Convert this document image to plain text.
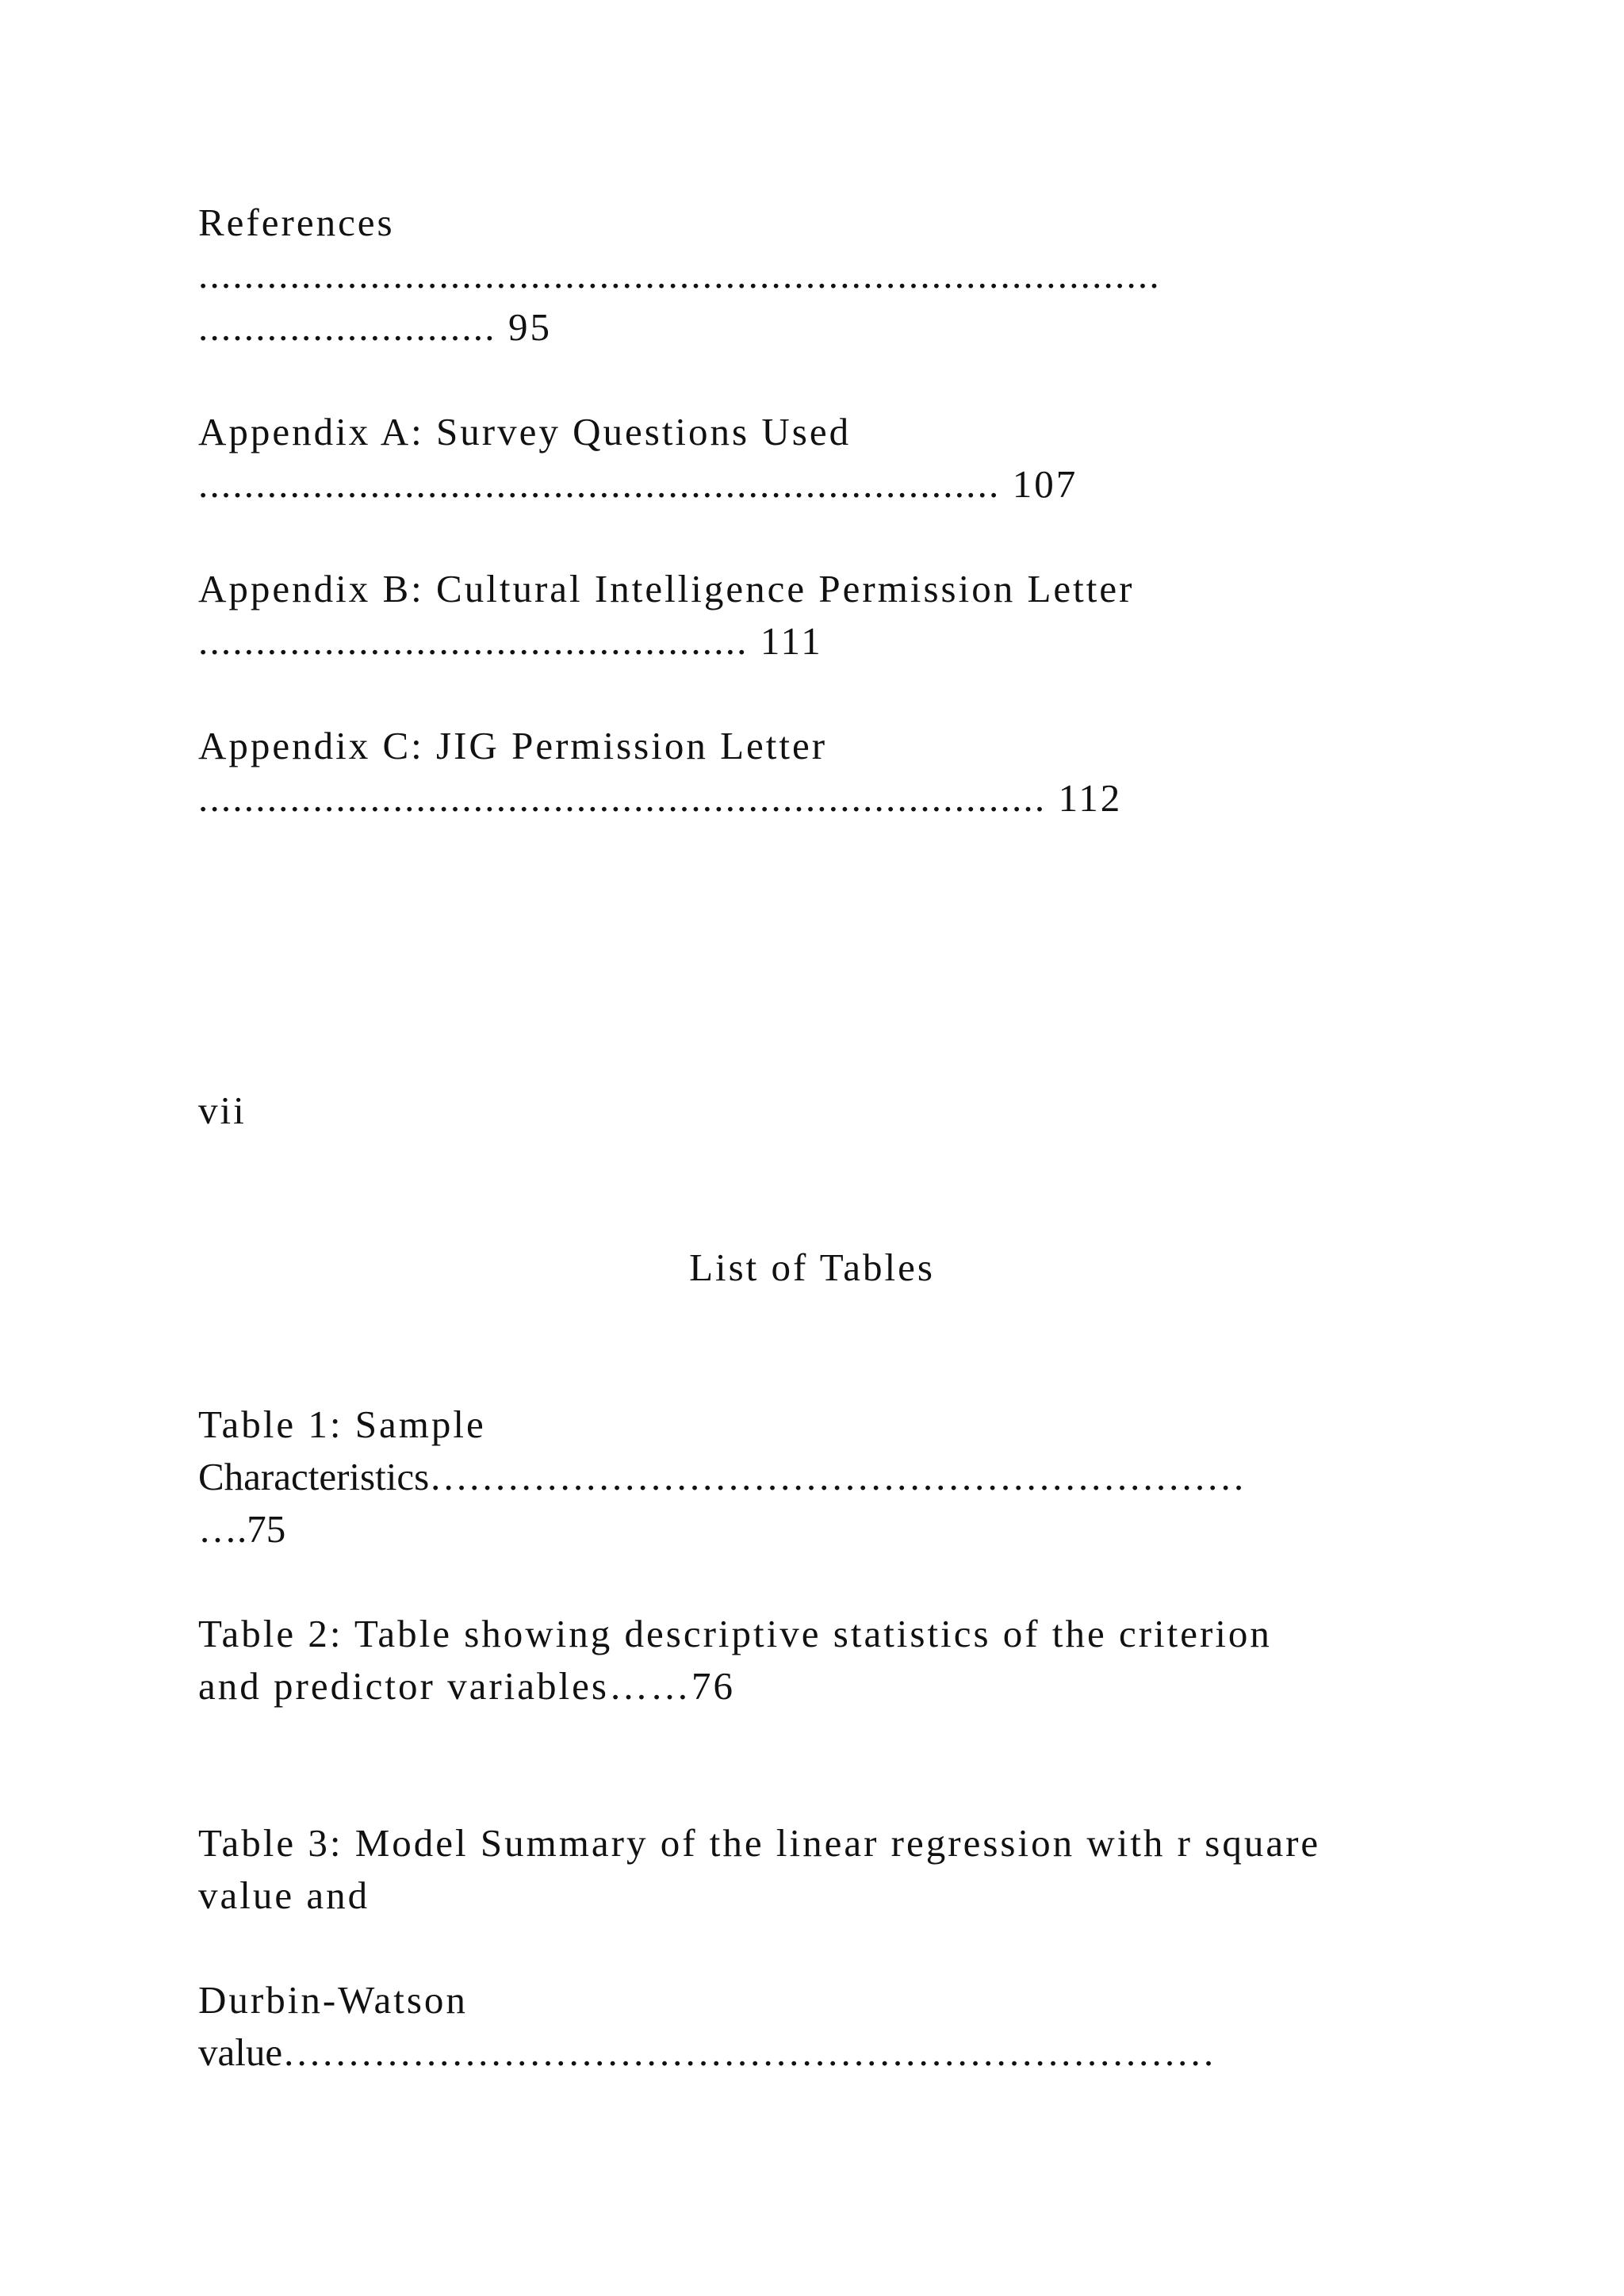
References
....................................................................................
.......................... 95
Appendix A: Survey Questions Used
...................................................................... 107
Appendix B: Cultural Intelligence Permission Letter
................................................ 111
Appendix C: JIG Permission Letter
.......................................................................... 112
vii
List of Tables
Table 1: Sample
Characteristics………………………………………………………
….75
Table 2: Table showing descriptive statistics of the criterion
and predictor variables……76
Table 3: Model Summary of the linear regression with r square
value and
Durbin-Watson
value………………………………………………………………
